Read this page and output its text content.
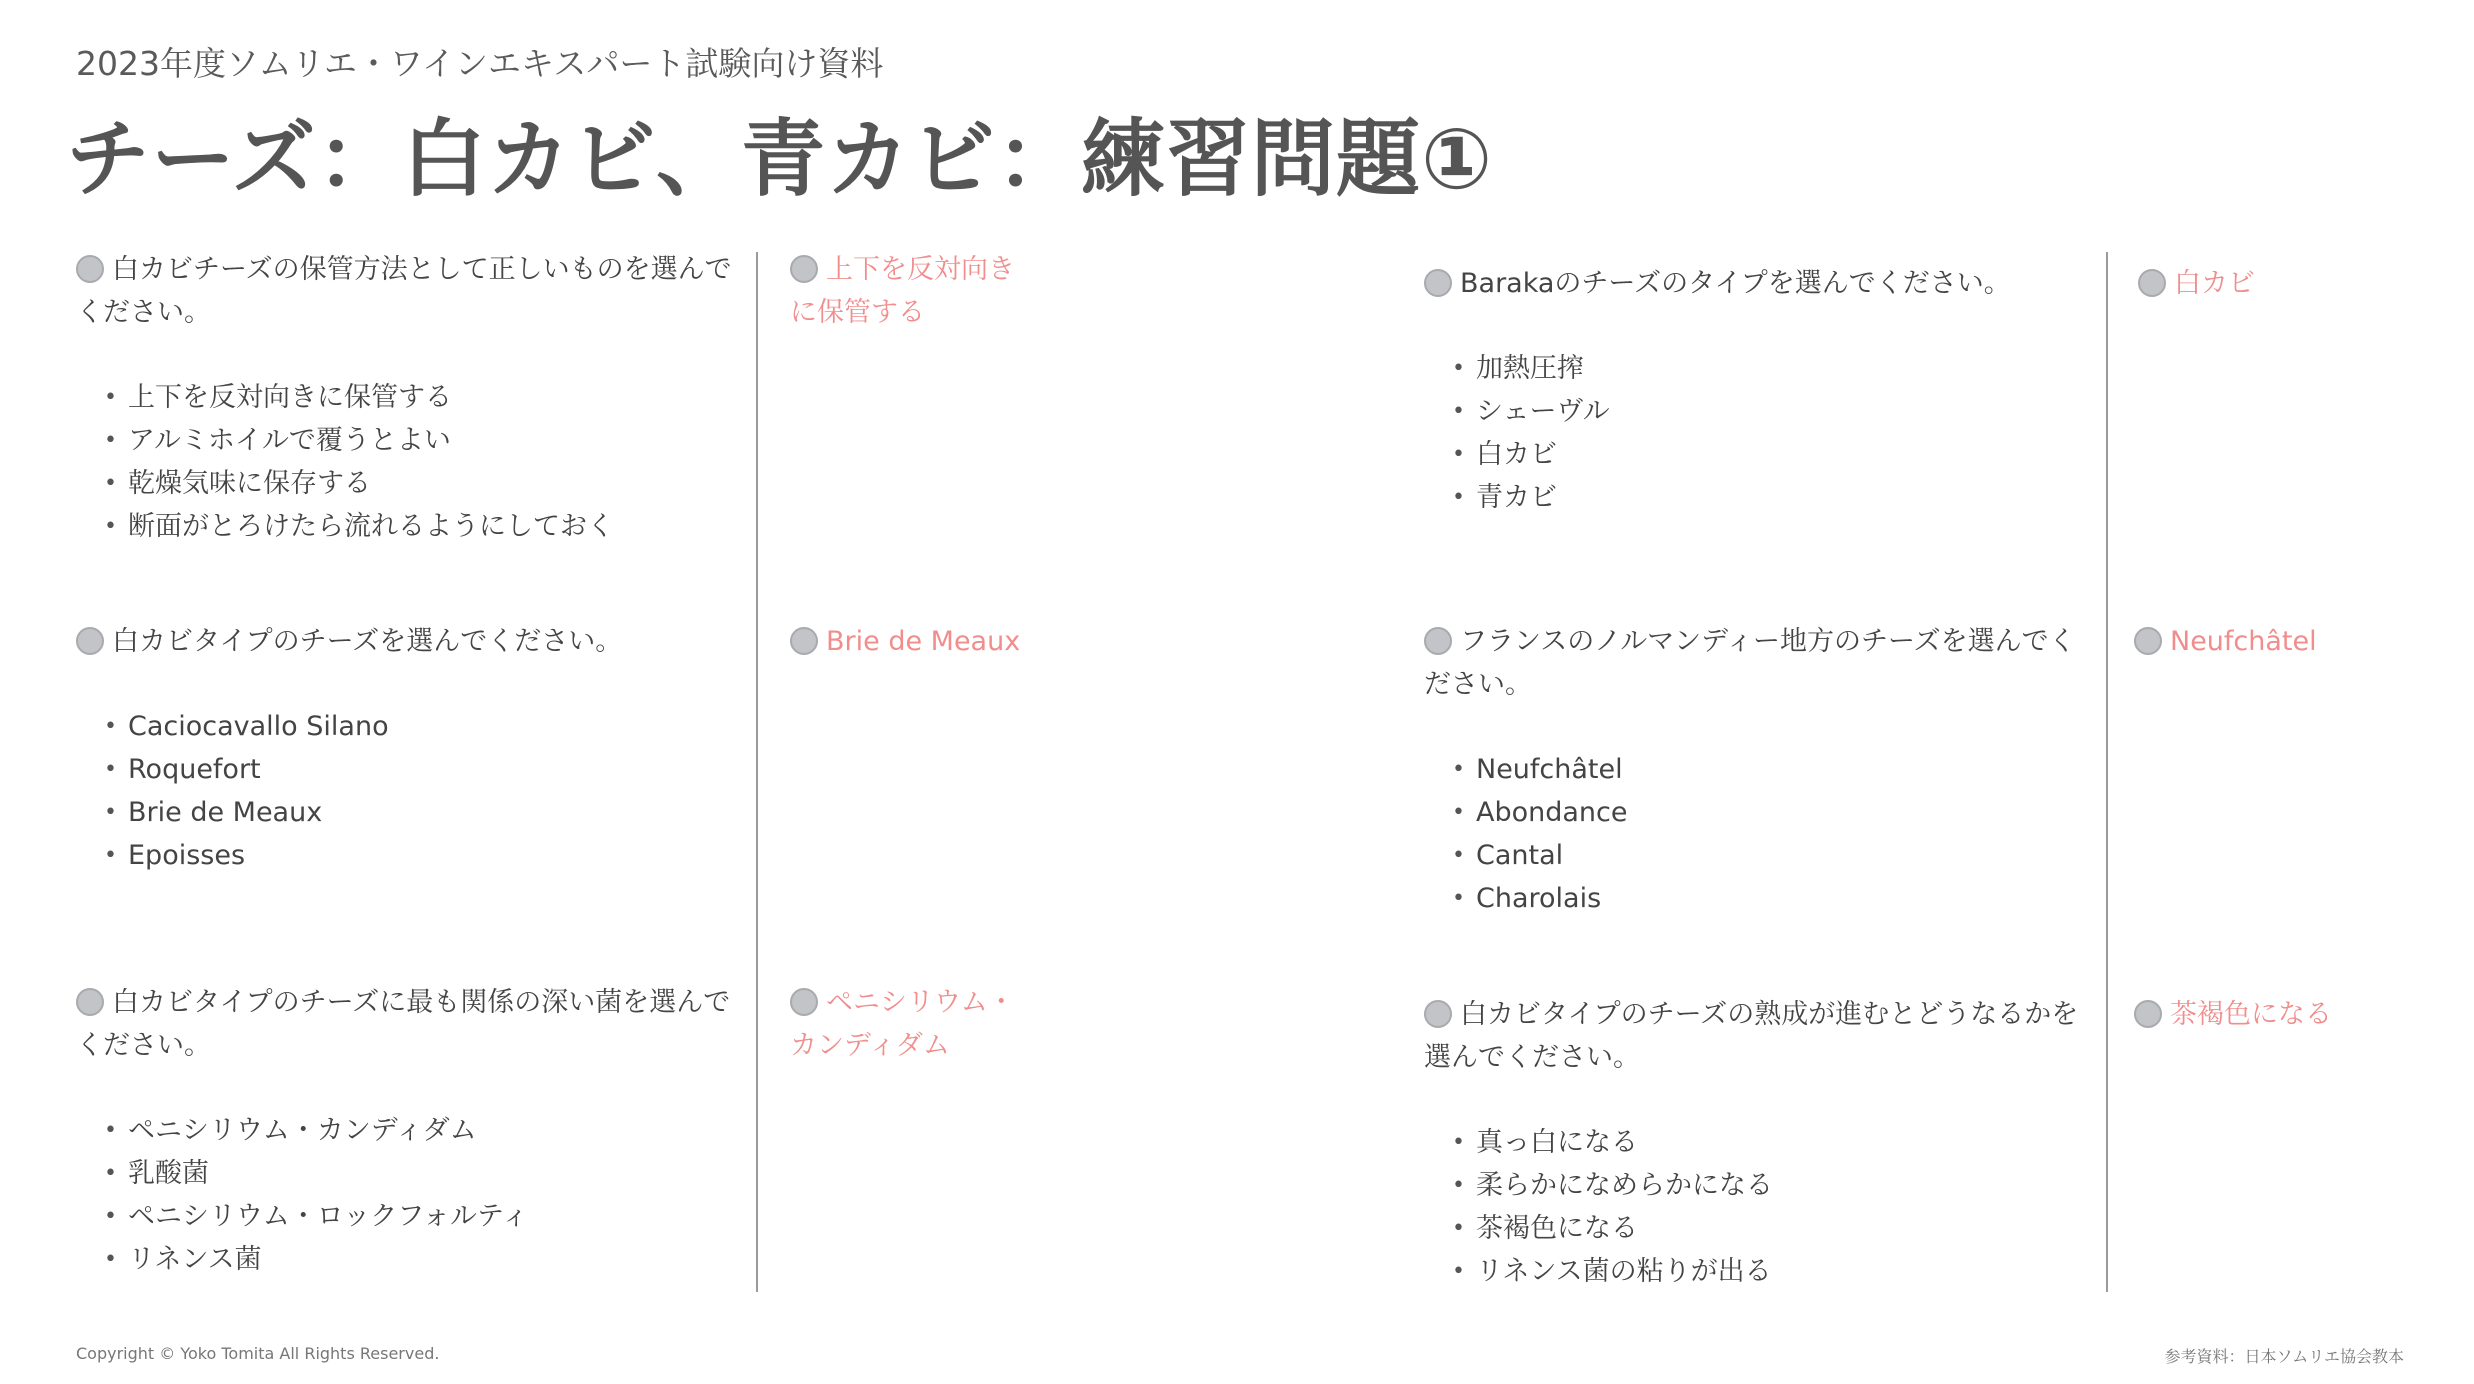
2023年度ソムリエ・ワインエキスパート試験向け資料
チーズ：白カビ、青カビ：練習問題①
白カビチーズの保管方法として正しいものを選んでください。
• 上下を反対向きに保管する
• アルミホイルで覆うとよい
• 乾燥気味に保存する
• 断面がとろけたら流れるようにしておく
上下を反対向きに保管する
白カビタイプのチーズを選んでください。
• Caciocavallo Silano
• Roquefort
• Brie de Meaux
• Epoisses
Brie de Meaux
白カビタイプのチーズに最も関係の深い菌を選んでください。
• ペニシリウム・カンディダム
• 乳酸菌
• ペニシリウム・ロックフォルティ
• リネンス菌
ペニシリウム・カンディダム
Barakaのチーズのタイプを選んでください。
• 加熱圧搾
• シェーヴル
• 白カビ
• 青カビ
白カビ
フランスのノルマンディー地方のチーズを選んでください。
• Neufchâtel
• Abondance
• Cantal
• Charolais
Neufchâtel
白カビタイプのチーズの熟成が進むとどうなるかを選んでください。
• 真っ白になる
• 柔らかになめらかになる
• 茶褐色になる
• リネンス菌の粘りが出る
茶褐色になる
Copyright © Yoko Tomita All Rights Reserved.	参考資料：日本ソムリエ協会教本
